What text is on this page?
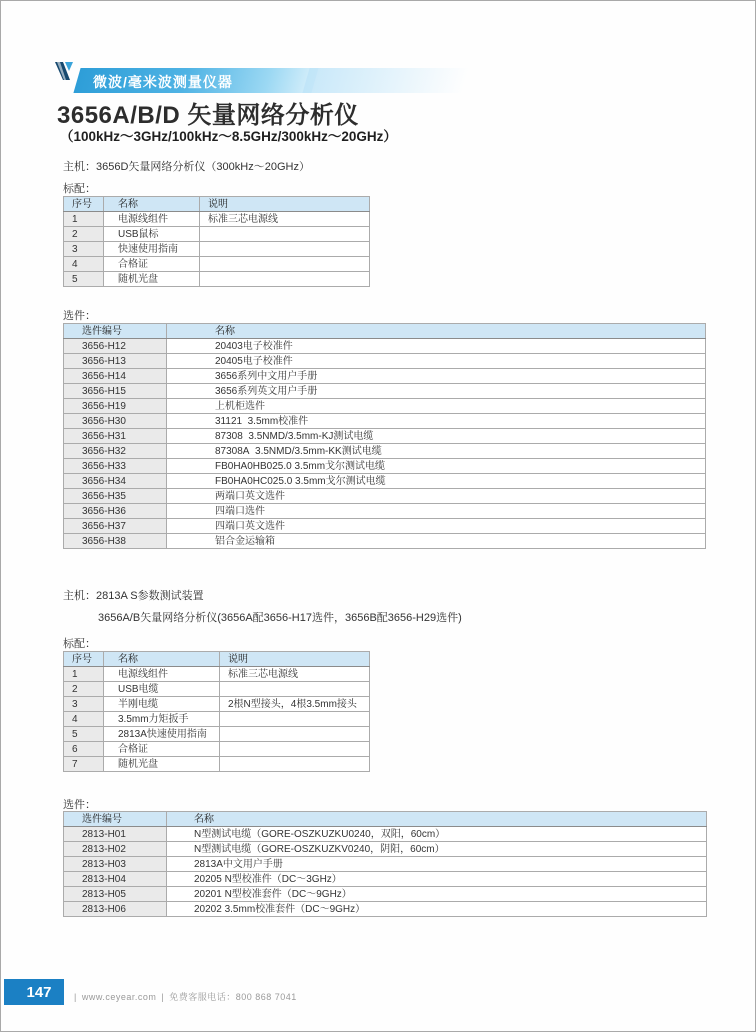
微波/毫米波测量仪器
3656A/B/D 矢量网络分析仪
（100kHz～3GHz/100kHz～8.5GHz/300kHz～20GHz）
主机：3656D矢量网络分析仪（300kHz～20GHz）
标配：
序号	名称	说明
1	电源线组件	标准三芯电源线
2	USB鼠标	
3	快速使用指南	
4	合格证	
5	随机光盘	
选件：
选件编号	名称
3656-H12	20403电子校准件
3656-H13	20405电子校准件
3656-H14	3656系列中文用户手册
3656-H15	3656系列英文用户手册
3656-H19	上机柜选件
3656-H30	31121  3.5mm校准件
3656-H31	87308  3.5NMD/3.5mm-KJ测试电缆
3656-H32	87308A  3.5NMD/3.5mm-KK测试电缆
3656-H33	FB0HA0HB025.0 3.5mm戈尔测试电缆
3656-H34	FB0HA0HC025.0 3.5mm戈尔测试电缆
3656-H35	两端口英文选件
3656-H36	四端口选件
3656-H37	四端口英文选件
3656-H38	铝合金运输箱
主机：2813A S参数测试装置
3656A/B矢量网络分析仪(3656A配3656-H17选件，3656B配3656-H29选件)
标配：
序号	名称	说明
1	电源线组件	标准三芯电源线
2	USB电缆	
3	半刚电缆	2根N型接头，4根3.5mm接头
4	3.5mm力矩扳手	
5	2813A快速使用指南	
6	合格证	
7	随机光盘	
选件：
选件编号	名称
2813-H01	N型测试电缆（GORE-OSZKUZKU0240，双阳，60cm）
2813-H02	N型测试电缆（GORE-OSZKUZKV0240，阴阳，60cm）
2813-H03	2813A中文用户手册
2813-H04	20205 N型校准件（DC～3GHz）
2813-H05	20201 N型校准套件（DC～9GHz）
2813-H06	20202 3.5mm校准套件（DC～9GHz）
147	| www.ceyear.com | 免费客服电话：800 868 7041
